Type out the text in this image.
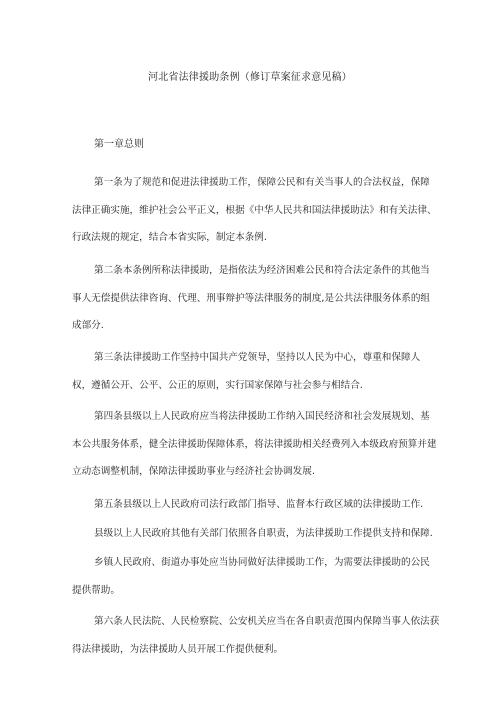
河北省法律援助条例（修订草案征求意见稿）
第一章总则
第一条为了规范和促进法律援助工作，保障公民和有关当事人的合法权益，保障
法律正确实施，维护社会公平正义，根据《中华人民共和国法律援助法》和有关法律、
行政法规的规定，结合本省实际，制定本条例.
第二条本条例所称法律援助，是指依法为经济困难公民和符合法定条件的其他当
事人无偿提供法律咨询、代理、刑事辩护等法律服务的制度,是公共法律服务体系的组
成部分.
第三条法律援助工作坚持中国共产党领导，坚持以人民为中心，尊重和保障人
权，遵循公开、公平、公正的原则，实行国家保障与社会参与相结合.
第四条县级以上人民政府应当将法律援助工作纳入国民经济和社会发展规划、基
本公共服务体系，健全法律援助保障体系，将法律援助相关经费列入本级政府预算并建
立动态调整机制，保障法律援助事业与经济社会协调发展.
第五条县级以上人民政府司法行政部门指导、监督本行政区域的法律援助工作.
县级以上人民政府其他有关部门依照各自职责，为法律援助工作提供支持和保障.
乡镇人民政府、街道办事处应当协同做好法律援助工作，为需要法律援助的公民
提供帮助。
第六条人民法院、人民检察院、公安机关应当在各自职责范围内保障当事人依法获
得法律援助，为法律援助人员开展工作提供便利。
